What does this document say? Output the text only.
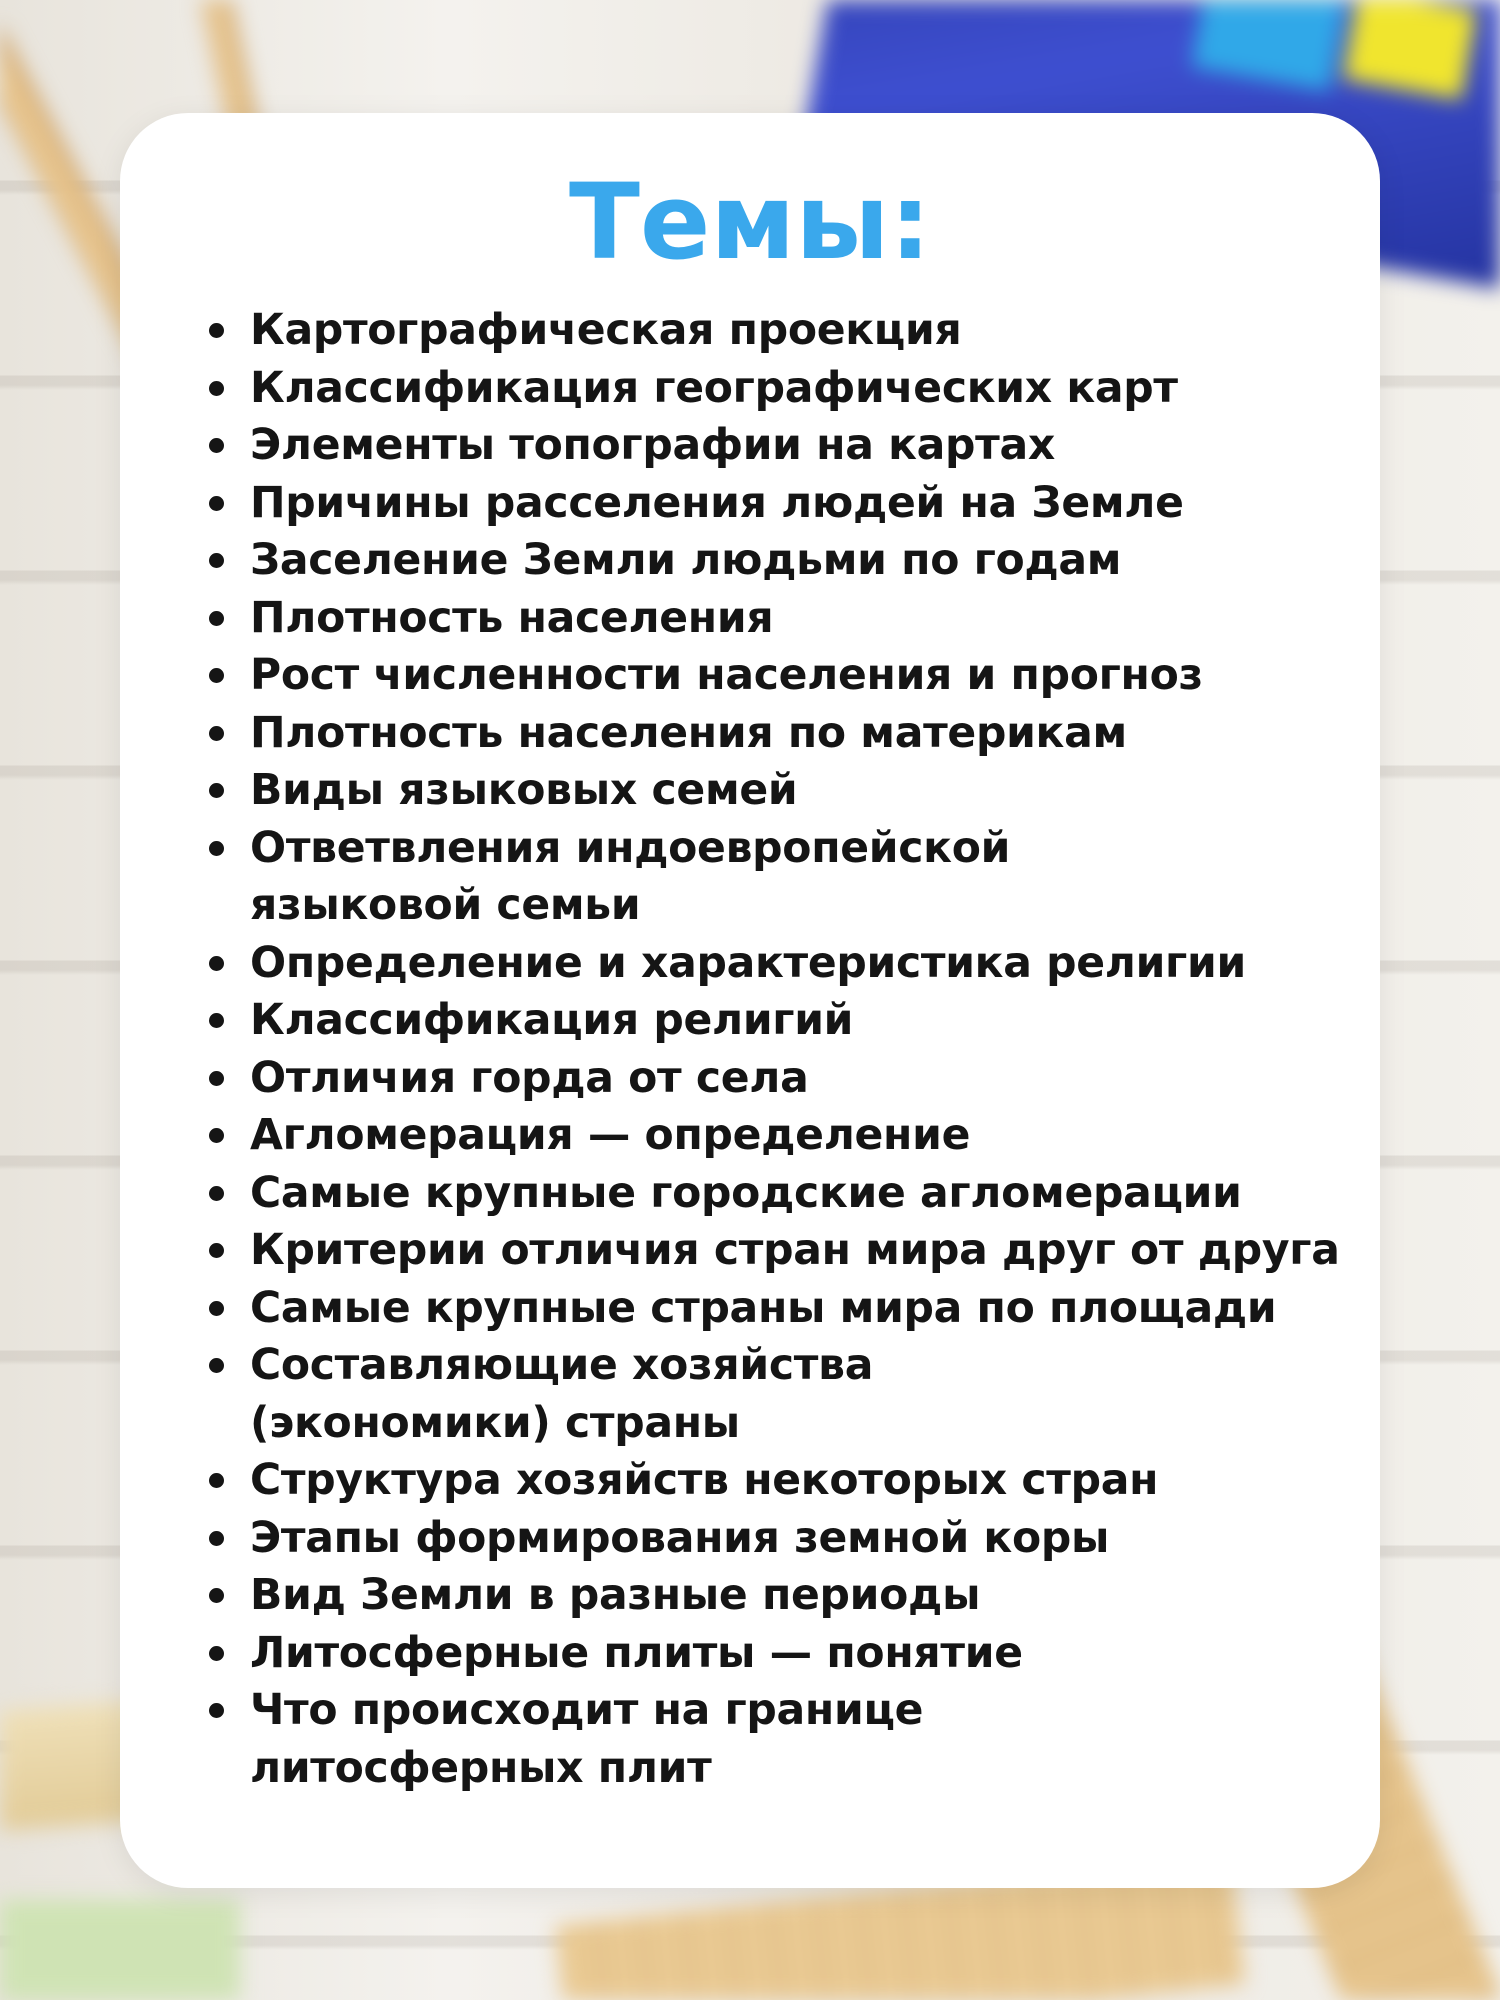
Темы:
Картографическая проекция
Классификация географических карт
Элементы топографии на картах
Причины расселения людей на Земле
Заселение Земли людьми по годам
Плотность населения
Рост численности населения и прогноз
Плотность населения по материкам
Виды языковых семей
Ответвления индоевропейской
языковой семьи
Определение и характеристика религии
Классификация религий
Отличия горда от села
Агломерация — определение
Самые крупные городские агломерации
Критерии отличия стран мира друг от друга
Самые крупные страны мира по площади
Составляющие хозяйства
(экономики) страны
Структура хозяйств некоторых стран
Этапы формирования земной коры
Вид Земли в разные периоды
Литосферные плиты — понятие
Что происходит на границе
литосферных плит
